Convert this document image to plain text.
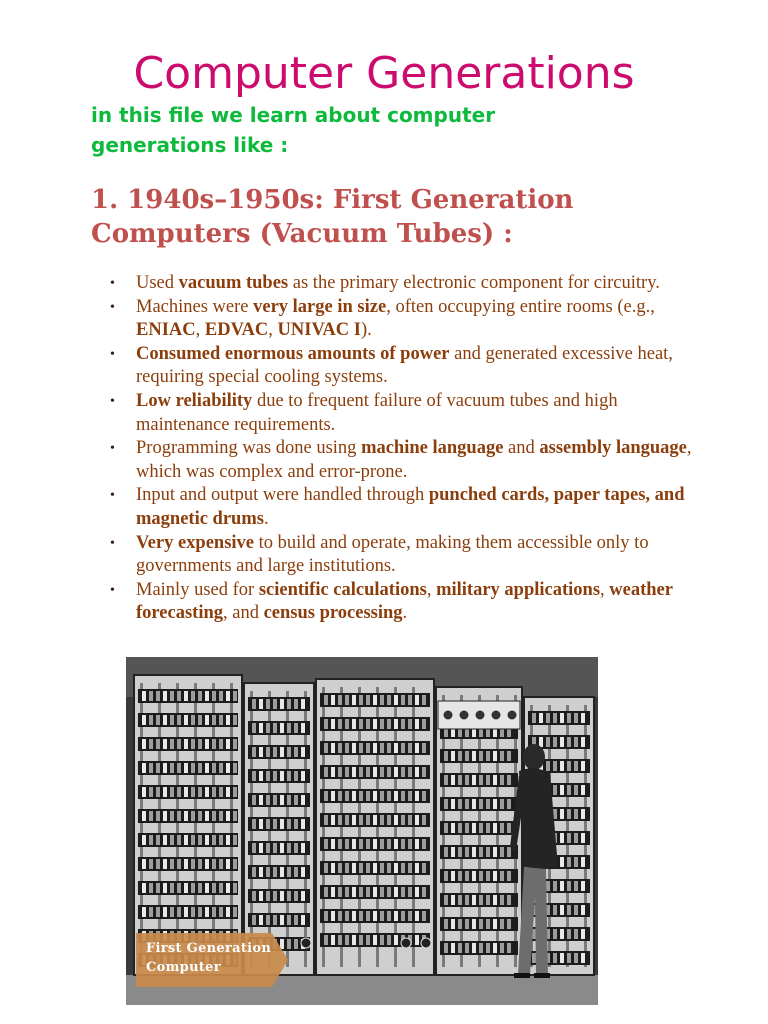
Computer Generations
in this file we learn about computer generations like :
1. 1940s–1950s: First Generation Computers (Vacuum Tubes) :
• Used vacuum tubes as the primary electronic component for circuitry.
• Machines were very large in size, often occupying entire rooms (e.g., ENIAC, EDVAC, UNIVAC I).
• Consumed enormous amounts of power and generated excessive heat, requiring special cooling systems.
• Low reliability due to frequent failure of vacuum tubes and high maintenance requirements.
• Programming was done using machine language and assembly language, which was complex and error-prone.
• Input and output were handled through punched cards, paper tapes, and magnetic drums.
• Very expensive to build and operate, making them accessible only to governments and large institutions.
• Mainly used for scientific calculations, military applications, weather forecasting, and census processing.
First Generation Computer
